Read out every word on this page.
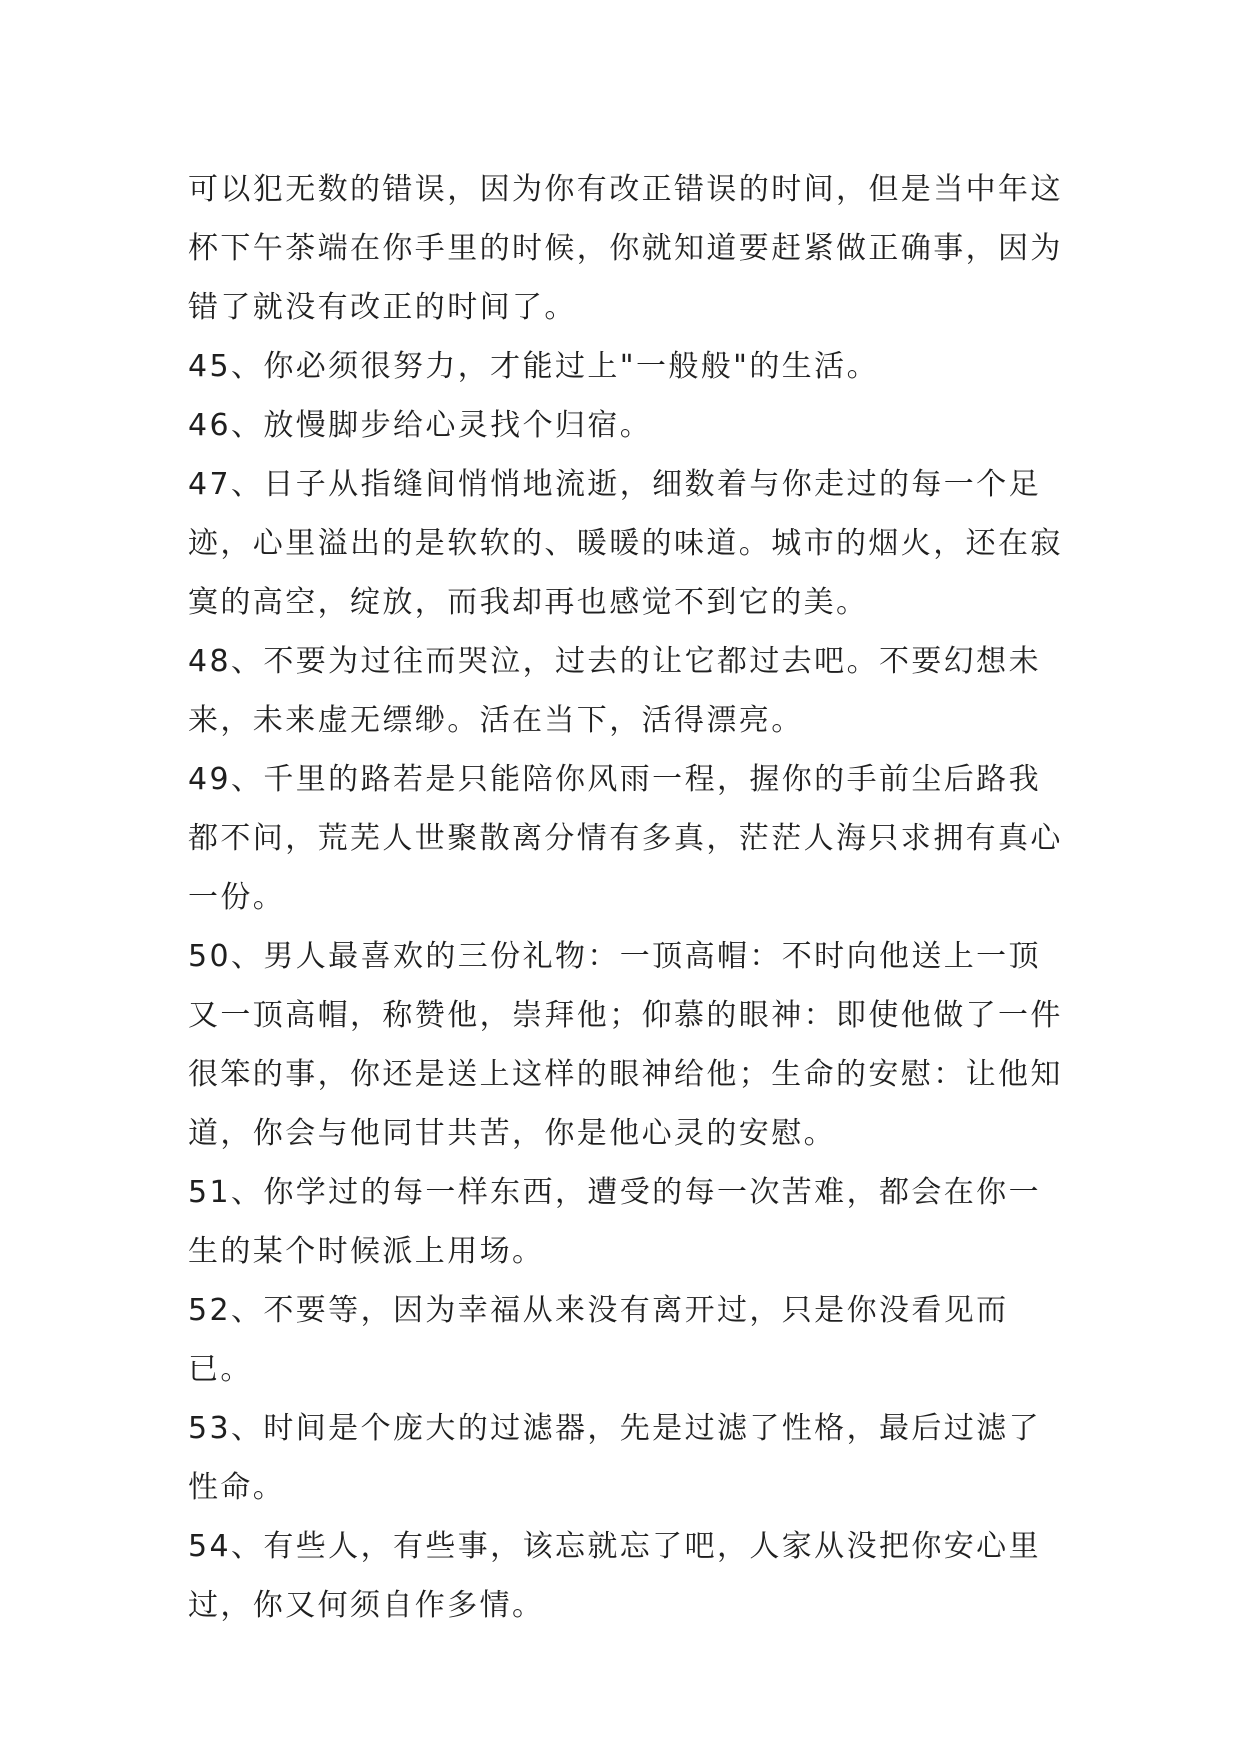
可以犯无数的错误，因为你有改正错误的时间，但是当中年这杯下午茶端在你手里的时候，你就知道要赶紧做正确事，因为错了就没有改正的时间了。

45、你必须很努力，才能过上"一般般"的生活。

46、放慢脚步给心灵找个归宿。

47、日子从指缝间悄悄地流逝，细数着与你走过的每一个足迹，心里溢出的是软软的、暖暖的味道。城市的烟火，还在寂寞的高空，绽放，而我却再也感觉不到它的美。

48、不要为过往而哭泣，过去的让它都过去吧。不要幻想未来，未来虚无缥缈。活在当下，活得漂亮。

49、千里的路若是只能陪你风雨一程，握你的手前尘后路我都不问，荒芜人世聚散离分情有多真，茫茫人海只求拥有真心一份。

50、男人最喜欢的三份礼物：一顶高帽：不时向他送上一顶又一顶高帽，称赞他，崇拜他；仰慕的眼神：即使他做了一件很笨的事，你还是送上这样的眼神给他；生命的安慰：让他知道，你会与他同甘共苦，你是他心灵的安慰。

51、你学过的每一样东西，遭受的每一次苦难，都会在你一生的某个时候派上用场。

52、不要等，因为幸福从来没有离开过，只是你没看见而已。

53、时间是个庞大的过滤器，先是过滤了性格，最后过滤了性命。

54、有些人，有些事，该忘就忘了吧，人家从没把你安心里过，你又何须自作多情。
